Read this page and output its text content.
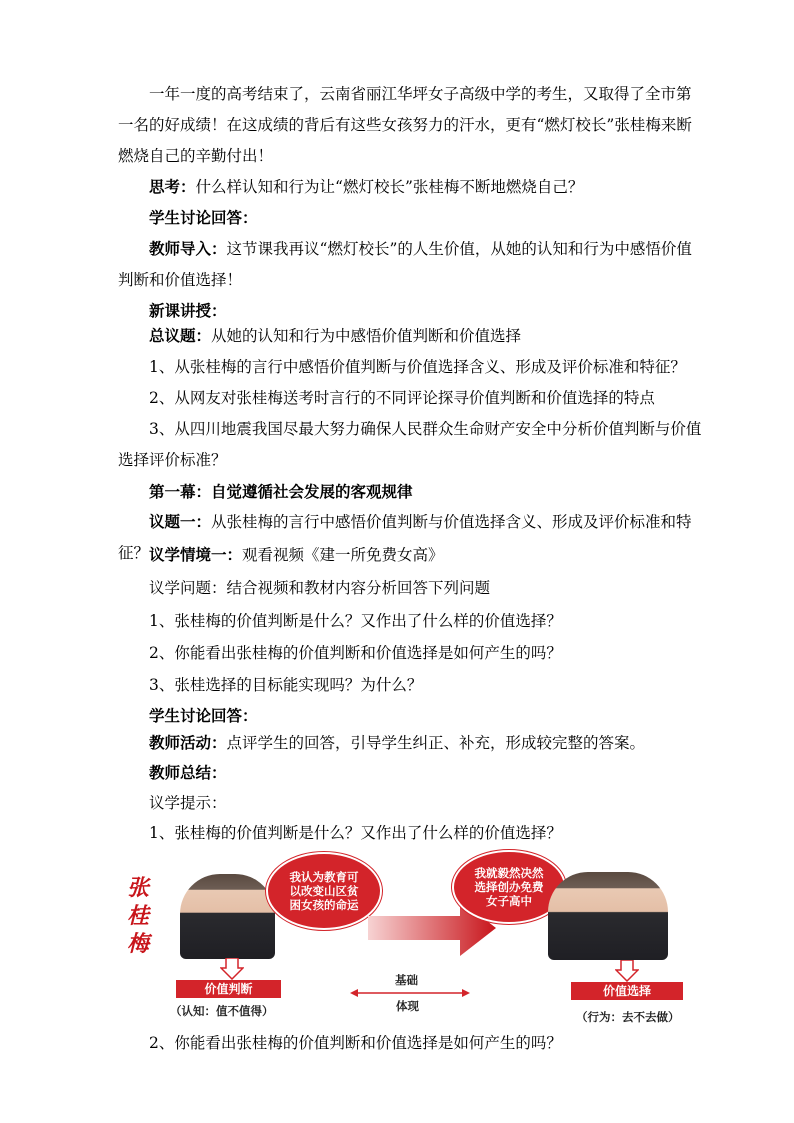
一年一度的高考结束了，云南省丽江华坪女子高级中学的考生，又取得了全市第一名的好成绩！在这成绩的背后有这些女孩努力的汗水，更有“燃灯校长”张桂梅来断燃烧自己的辛勤付出！

思考：什么样认知和行为让“燃灯校长”张桂梅不断地燃烧自己？

学生讨论回答：

教师导入：这节课我再议“燃灯校长”的人生价值，从她的认知和行为中感悟价值判断和价值选择！

新课讲授：

总议题：从她的认知和行为中感悟价值判断和价值选择

1、从张桂梅的言行中感悟价值判断与价值选择含义、形成及评价标准和特征？

2、从网友对张桂梅送考时言行的不同评论探寻价值判断和价值选择的特点

3、从四川地震我国尽最大努力确保人民群众生命财产安全中分析价值判断与价值选择评价标准？

第一幕：自觉遵循社会发展的客观规律

议题一：从张桂梅的言行中感悟价值判断与价值选择含义、形成及评价标准和特征？ 议学情境一：观看视频《建一所免费女高》

议学问题：结合视频和教材内容分析回答下列问题

1、张桂梅的价值判断是什么？又作出了什么样的价值选择？

2、你能看出张桂梅的价值判断和价值选择是如何产生的吗？

3、张桂选择的目标能实现吗？为什么？

学生讨论回答：

教师活动：点评学生的回答，引导学生纠正、补充，形成较完整的答案。

教师总结：

议学提示：

1、张桂梅的价值判断是什么？又作出了什么样的价值选择？

张
桂
梅
我认为教育可以改变山区贫困女孩的命运
我就毅然决然选择创办免费女子高中
价值判断
（认知：值不值得）
基础
体现
价值选择
（行为：去不去做）

2、你能看出张桂梅的价值判断和价值选择是如何产生的吗？
